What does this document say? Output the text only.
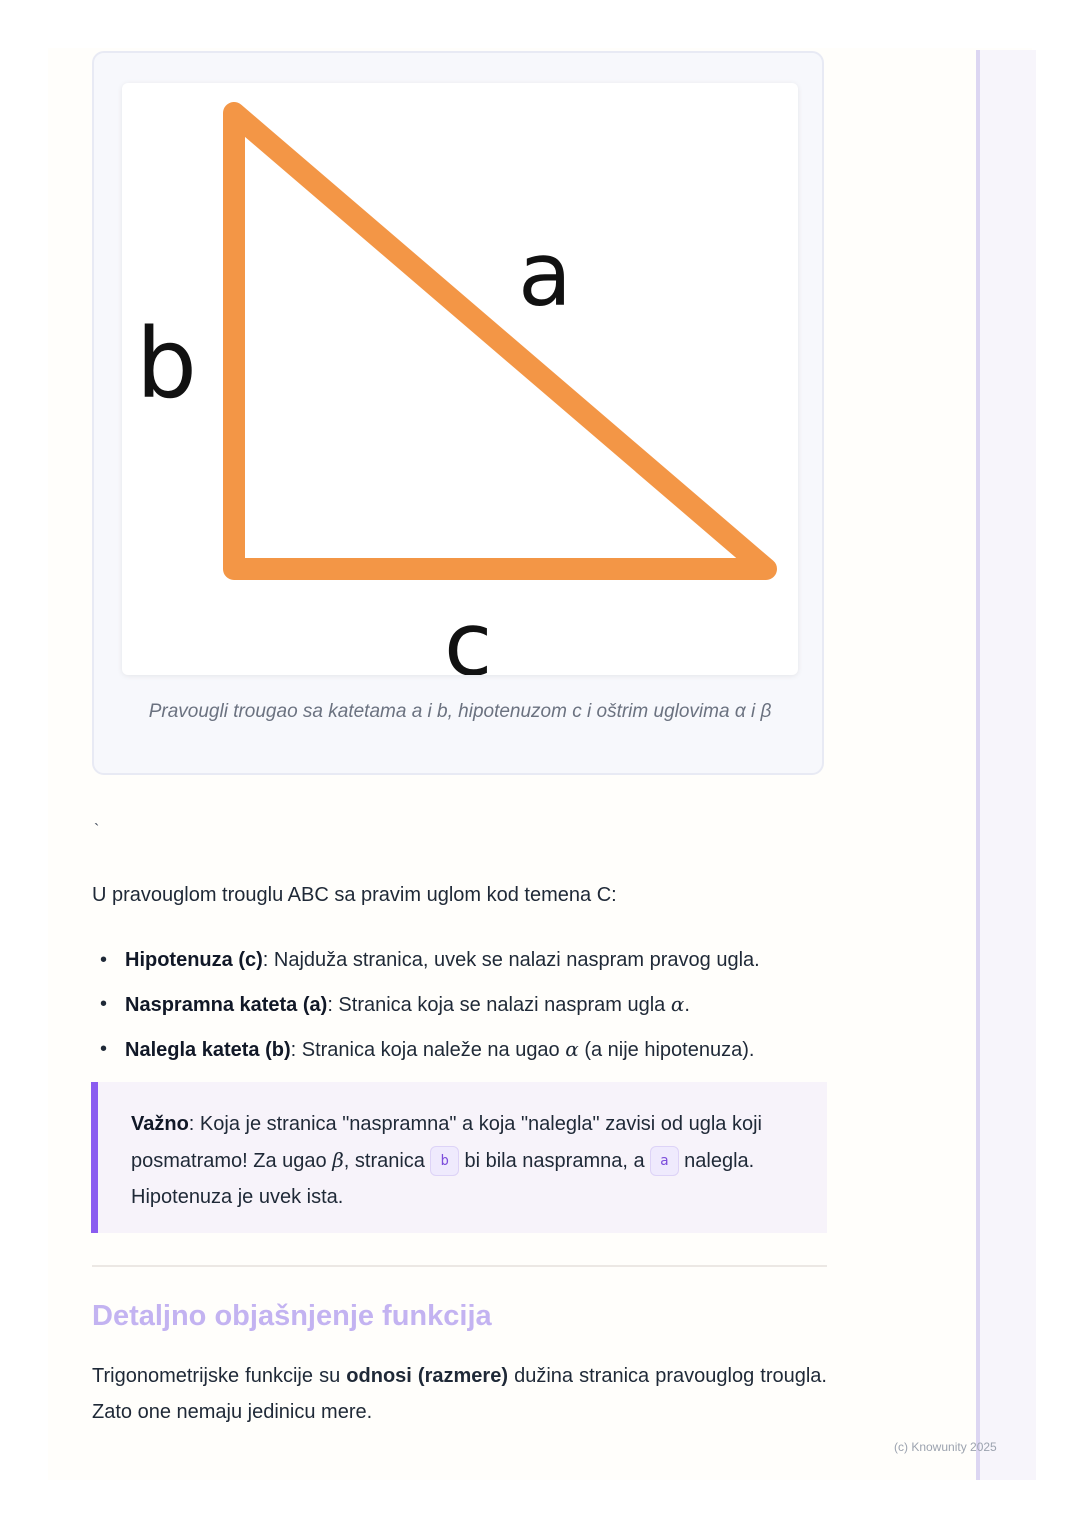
b
a
c
Pravougli trougao sa katetama a i b, hipotenuzom c i oštrim uglovima α i β
`
U pravouglom trouglu ABC sa pravim uglom kod temena C:
• Hipotenuza (c): Najduža stranica, uvek se nalazi naspram pravog ugla.
• Naspramna kateta (a): Stranica koja se nalazi naspram ugla α.
• Nalegla kateta (b): Stranica koja naleže na ugao α (a nije hipotenuza).
Važno: Koja je stranica "naspramna" a koja "nalegla" zavisi od ugla koji posmatramo! Za ugao β, stranica b bi bila naspramna, a a nalegla. Hipotenuza je uvek ista.
Detaljno objašnjenje funkcija

Trigonometrijske funkcije su odnosi (razmere) dužina stranica pravouglog trougla. Zato one nemaju jedinicu mere.

(c) Knowunity 2025
